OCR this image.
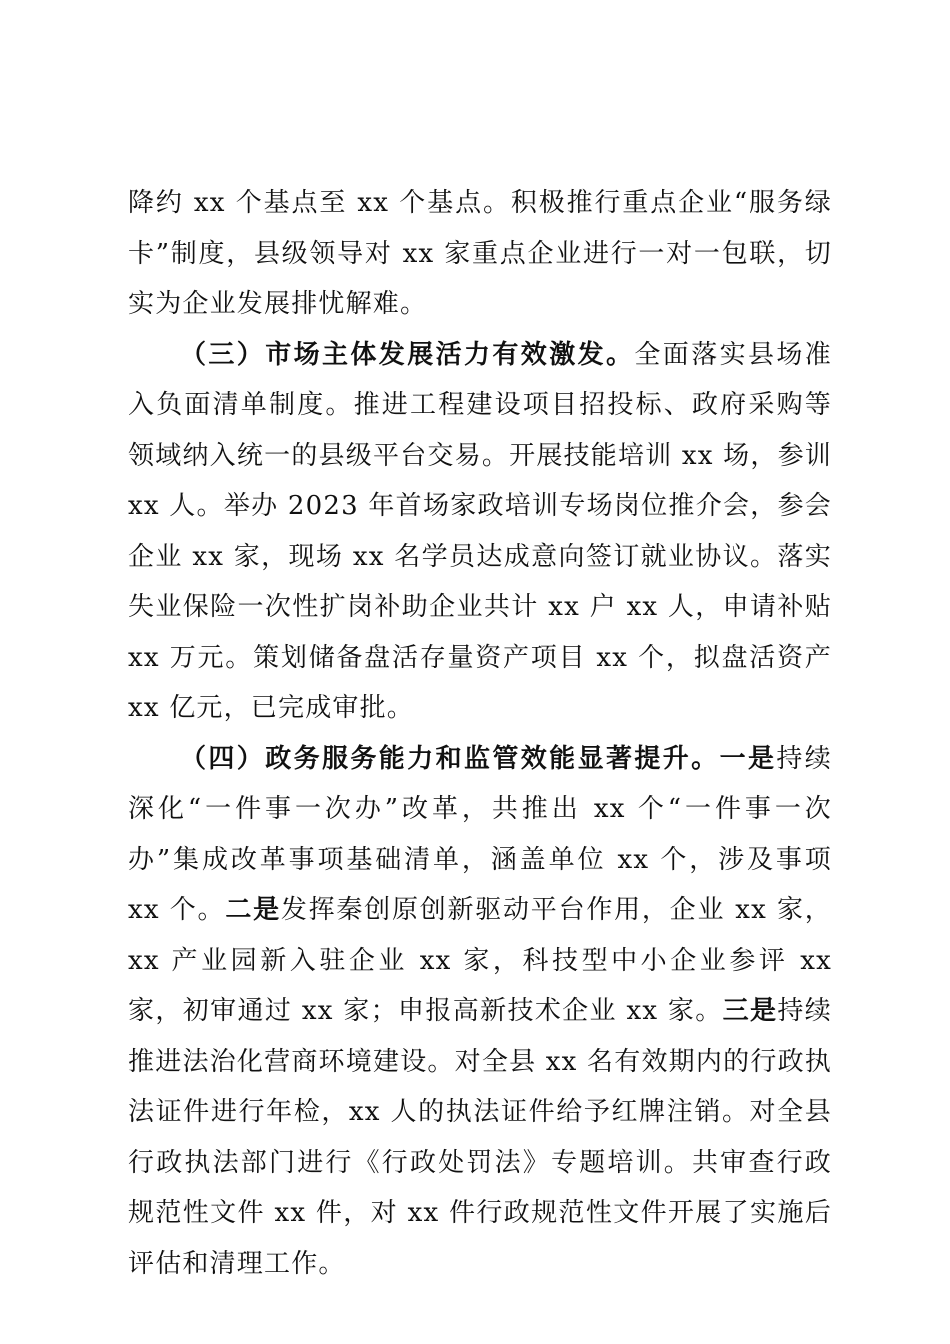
降约 xx 个基点至 xx 个基点。积极推行重点企业“服务绿卡”制度，县级领导对 xx 家重点企业进行一对一包联，切实为企业发展排忧解难。

（三）市场主体发展活力有效激发。全面落实县场准入负面清单制度。推进工程建设项目招投标、政府采购等领域纳入统一的县级平台交易。开展技能培训 xx 场，参训 xx 人。举办 2023 年首场家政培训专场岗位推介会，参会企业 xx 家，现场 xx 名学员达成意向签订就业协议。落实失业保险一次性扩岗补助企业共计 xx 户 xx 人，申请补贴 xx 万元。策划储备盘活存量资产项目 xx 个，拟盘活资产 xx 亿元，已完成审批。

（四）政务服务能力和监管效能显著提升。一是持续深化“一件事一次办”改革，共推出 xx 个“一件事一次办”集成改革事项基础清单，涵盖单位 xx 个，涉及事项 xx 个。二是发挥秦创原创新驱动平台作用，企业 xx 家，xx 产业园新入驻企业 xx 家，科技型中小企业参评 xx 家，初审通过 xx 家；申报高新技术企业 xx 家。三是持续推进法治化营商环境建设。对全县 xx 名有效期内的行政执法证件进行年检，xx 人的执法证件给予红牌注销。对全县行政执法部门进行《行政处罚法》专题培训。共审查行政规范性文件 xx 件，对 xx 件行政规范性文件开展了实施后评估和清理工作。
